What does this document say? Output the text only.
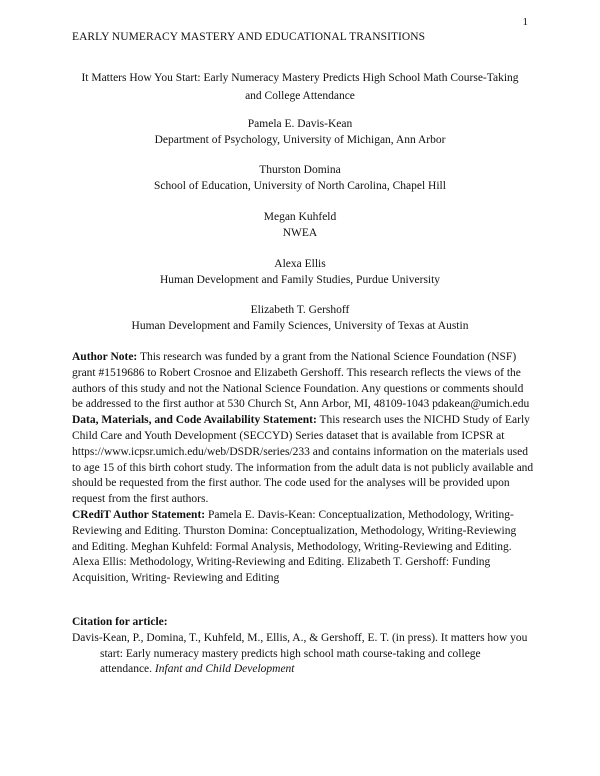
1
EARLY NUMERACY MASTERY AND EDUCATIONAL TRANSITIONS
It Matters How You Start: Early Numeracy Mastery Predicts High School Math Course-Taking
and College Attendance
Pamela E. Davis-Kean
Department of Psychology, University of Michigan, Ann Arbor
Thurston Domina
School of Education, University of North Carolina, Chapel Hill
Megan Kuhfeld
NWEA
Alexa Ellis
Human Development and Family Studies, Purdue University
Elizabeth T. Gershoff
Human Development and Family Sciences, University of Texas at Austin

Author Note: This research was funded by a grant from the National Science Foundation (NSF) grant #1519686 to Robert Crosnoe and Elizabeth Gershoff. This research reflects the views of the authors of this study and not the National Science Foundation. Any questions or comments should be addressed to the first author at 530 Church St, Ann Arbor, MI, 48109-1043 pdakean@umich.edu

Data, Materials, and Code Availability Statement: This research uses the NICHD Study of Early Child Care and Youth Development (SECCYD) Series dataset that is available from ICPSR at https://www.icpsr.umich.edu/web/DSDR/series/233 and contains information on the materials used to age 15 of this birth cohort study. The information from the adult data is not publicly available and should be requested from the first author. The code used for the analyses will be provided upon request from the first authors.

CRediT Author Statement: Pamela E. Davis-Kean: Conceptualization, Methodology, Writing-Reviewing and Editing. Thurston Domina: Conceptualization, Methodology, Writing-Reviewing and Editing. Meghan Kuhfeld: Formal Analysis, Methodology, Writing-Reviewing and Editing. Alexa Ellis: Methodology, Writing-Reviewing and Editing. Elizabeth T. Gershoff: Funding Acquisition, Writing- Reviewing and Editing

Citation for article:

Davis-Kean, P., Domina, T., Kuhfeld, M., Ellis, A., & Gershoff, E. T. (in press). It matters how you start: Early numeracy mastery predicts high school math course-taking and college attendance. Infant and Child Development
